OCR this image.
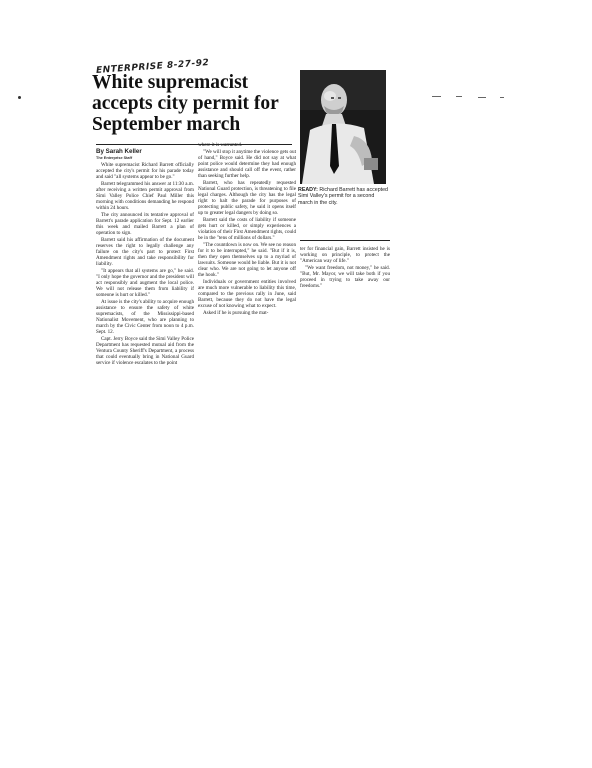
ENTERPRISE 8-27-92
White supremacist accepts city permit for September march
By Sarah Keller
The Enterprise Staff

White supremacist Richard Barrett officially accepted the city's permit for his parade today and said "all systems appear to be go."

Barrett telegrammed his answer at 11:30 a.m. after receiving a written permit approval from Simi Valley Police Chief Paul Miller this morning with conditions demanding he respond within 24 hours.

The city announced its tentative approval of Barrett's parade application for Sept. 12 earlier this week and mailed Barrett a plan of operation to sign.

Barrett said his affirmation of the document reserves the right to legally challenge any failure on the city's part to protect First Amendment rights and take responsibility for liability.

"It appears that all systems are go," he said. "I only hope the governor and the president will act responsibly and augment the local police. We will not release them from liability if someone is hurt or killed."

At issue is the city's ability to acquire enough assistance to ensure the safety of white supremacists, of the Mississippi-based Nationalist Movement, who are planning to march by the Civic Center from noon to 4 p.m. Sept. 12.

Capt. Jerry Boyce said the Simi Valley Police Department has requested mutual aid from the Ventura County Sheriff's Department, a process that could eventually bring in National Guard service if violence escalates to the point

where it is warranted.

"We will stop it anytime the violence gets out of hand," Boyce said. He did not say at what point police would determine they had enough assistance and should call off the event, rather than seeking further help.

Barrett, who has repeatedly requested National Guard protection, is threatening to file legal charges. Although the city has the legal right to halt the parade for purposes of protecting public safety, he said it opens itself up to greater legal dangers by doing so.

Barrett said the costs of liability if someone gets hurt or killed, or simply experiences a violation of their First Amendment rights, could be in the "tens of millions of dollars."

"The countdown is now on. We see no reason for it to be interrupted," he said. "But if it is, then they open themselves up to a myriad of lawsuits. Someone would be liable. But it is not clear who. We are not going to let anyone off the hook."

Individuals or government entities involved are much more vulnerable to liability this time, compared to the previous rally in June, said Barrett, because they do not have the legal excuse of not knowing what to expect.

Asked if he is pursuing the mat-

READY: Richard Barrett has accepted Simi Valley's permit for a second march in the city.

ter for financial gain, Barrett insisted he is working on principle, to protect the "American way of life."

"We want freedom, not money," he said. "But, Mr. Mayor, we will take both if you proceed in trying to take away our freedoms."
